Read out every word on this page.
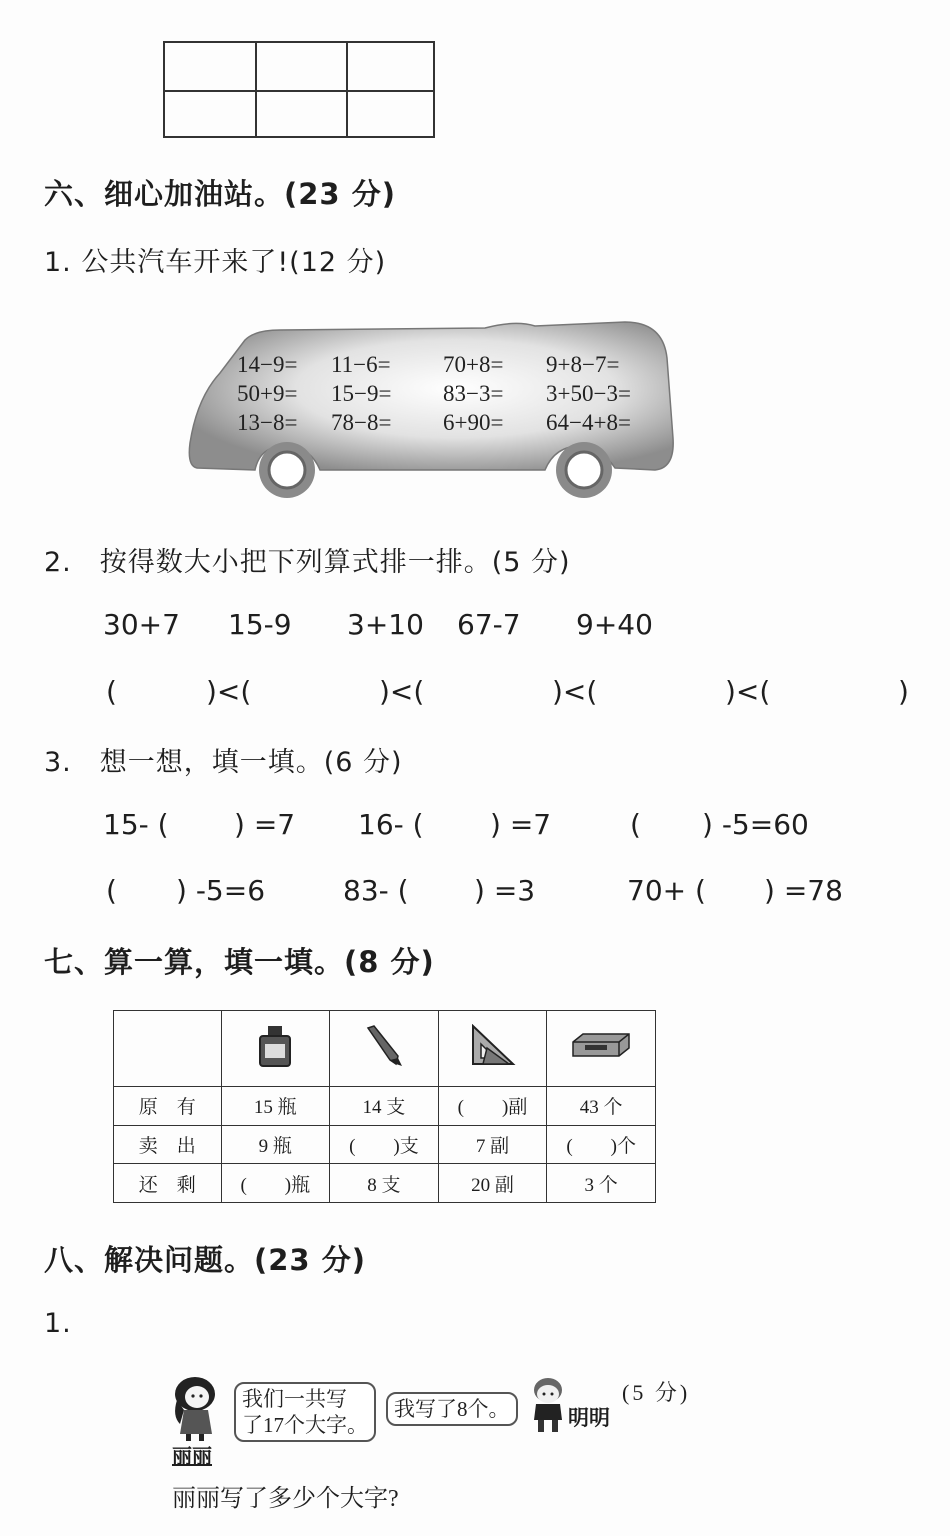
六、细心加油站。(23 分)
1. 公共汽车开来了!(12 分)
14−9= 11−6= 70+8= 9+8−7=
50+9= 15−9= 83−3= 3+50−3=
13−8= 78−8= 6+90= 64−4+8=
2.　按得数大小把下列算式排一排。(5 分)
30+7 15-9 3+10 67-7 9+40
(	)<(	)<(	)<(	)<(	)
3.　想一想，填一填。(6 分)
15- ( ) =7 16- ( ) =7	( ) -5=60
( ) -5=6	83- ( ) =3	70+ ( ) =78
七、算一算，填一填。(8 分)

原　有	15 瓶	14 支	(　　)副	43 个
卖　出	9 瓶	(　　)支	7 副	(　　)个
还　剩	(　　)瓶	8 支	20 副	3 个
八、解决问题。(23 分)
1.
丽丽
我们一共写
了17个大字。
我写了8个。	明明
(5 分)
丽丽写了多少个大字?
